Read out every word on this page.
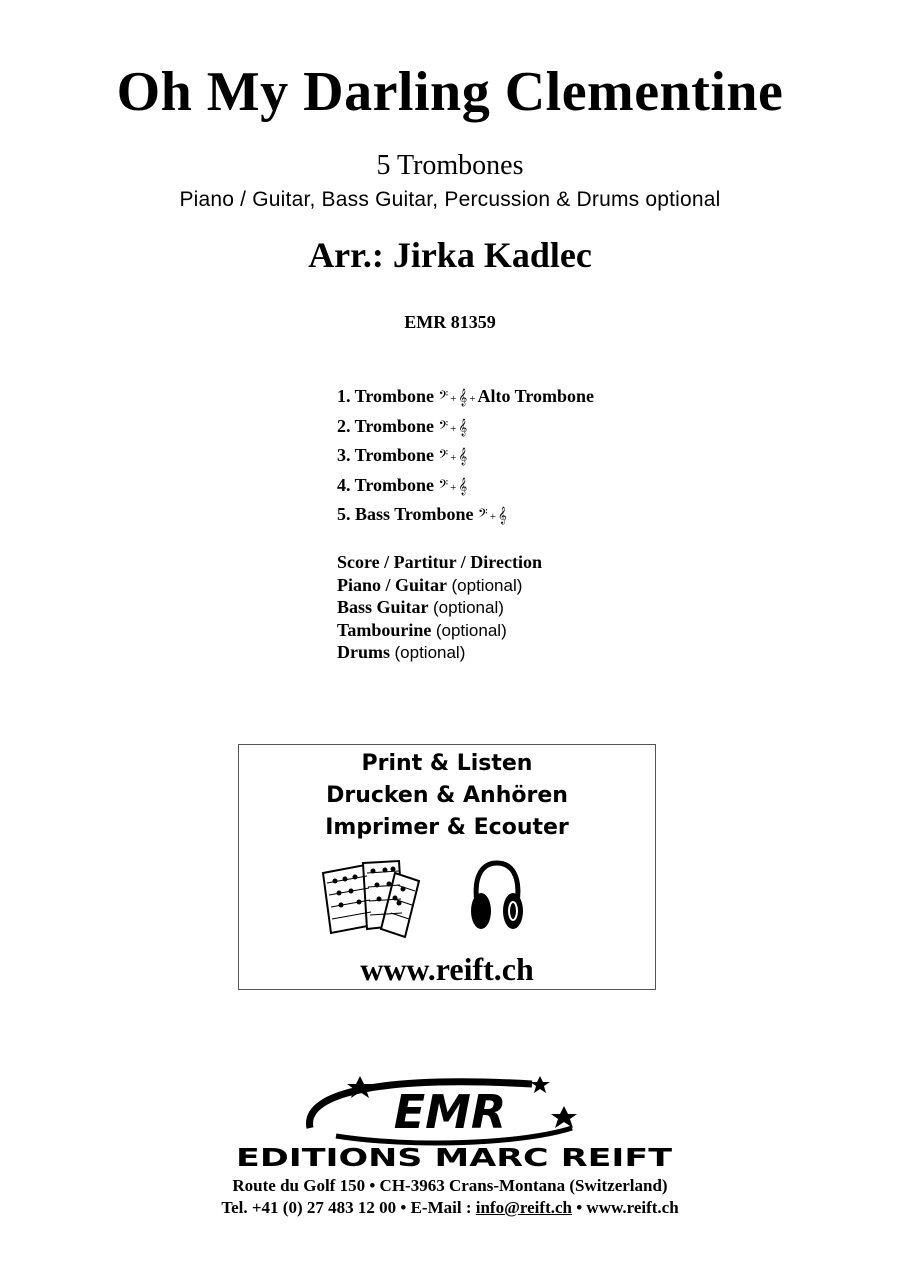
Oh My Darling Clementine
5 Trombones
Piano / Guitar, Bass Guitar, Percussion & Drums optional
Arr.: Jirka Kadlec
EMR 81359
1. Trombone 𝄢 + 𝄞 + Alto Trombone
2. Trombone 𝄢 + 𝄞
3. Trombone 𝄢 + 𝄞
4. Trombone 𝄢 + 𝄞
5. Bass Trombone 𝄢 + 𝄞
Score / Partitur / Direction
Piano / Guitar (optional)
Bass Guitar (optional)
Tambourine (optional)
Drums (optional)
Print & Listen
Drucken & Anhören
Imprimer & Ecouter
www.reift.ch
EMR
EDITIONS MARC REIFT
Route du Golf 150 • CH-3963 Crans-Montana (Switzerland)
Tel. +41 (0) 27 483 12 00 • E-Mail : info@reift.ch • www.reift.ch
